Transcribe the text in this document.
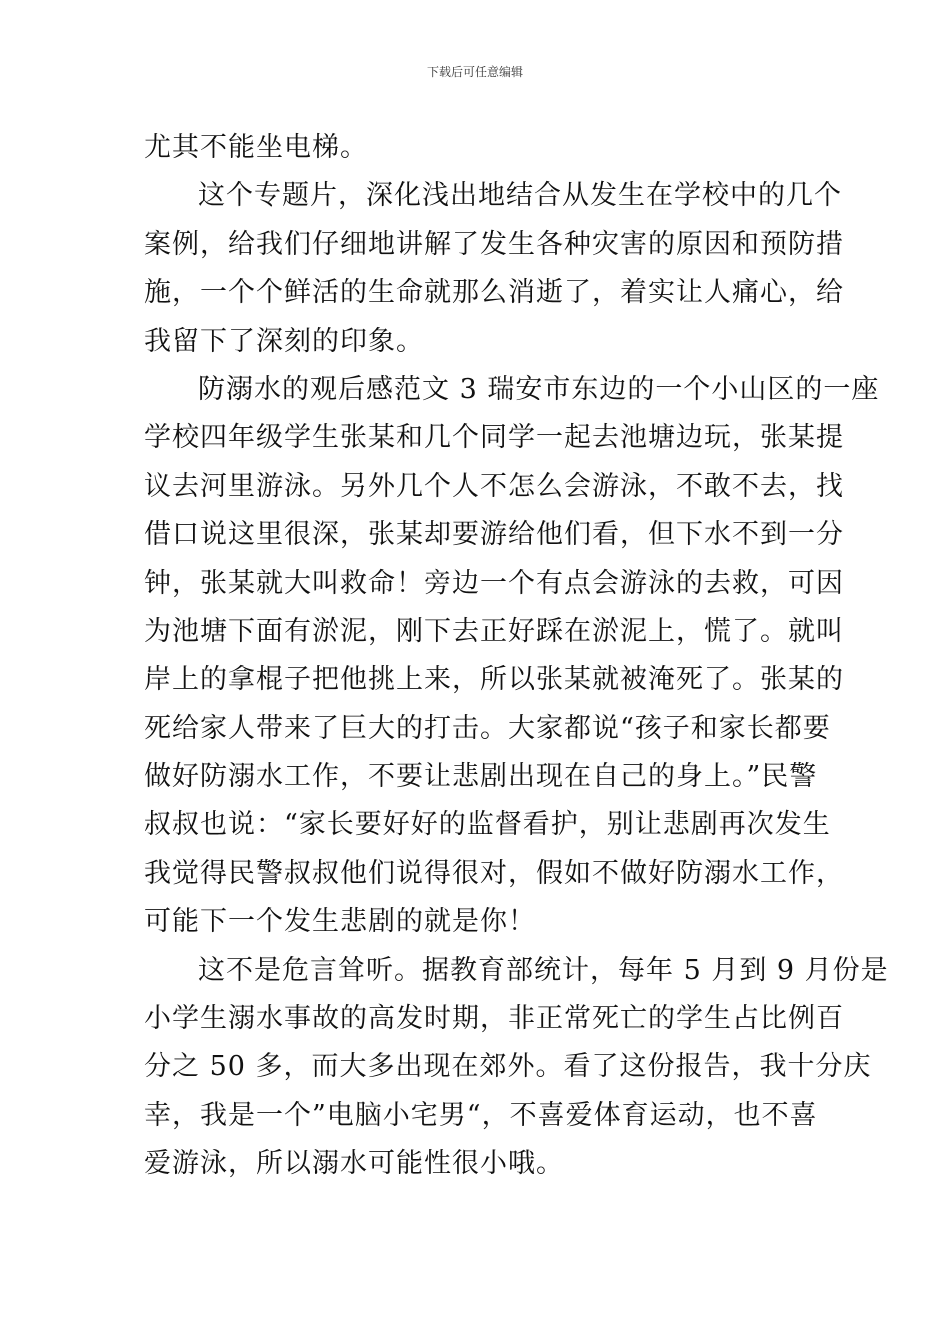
下载后可任意编辑
尤其不能坐电梯。
这个专题片，深化浅出地结合从发生在学校中的几个
案例，给我们仔细地讲解了发生各种灾害的原因和预防措
施，一个个鲜活的生命就那么消逝了，着实让人痛心，给
我留下了深刻的印象。
防溺水的观后感范文 3 瑞安市东边的一个小山区的一座
学校四年级学生张某和几个同学一起去池塘边玩，张某提
议去河里游泳。另外几个人不怎么会游泳，不敢不去，找
借口说这里很深，张某却要游给他们看，但下水不到一分
钟，张某就大叫救命！旁边一个有点会游泳的去救，可因
为池塘下面有淤泥，刚下去正好踩在淤泥上，慌了。就叫
岸上的拿棍子把他挑上来，所以张某就被淹死了。张某的
死给家人带来了巨大的打击。大家都说“孩子和家长都要
做好防溺水工作，不要让悲剧出现在自己的身上。”民警
叔叔也说：“家长要好好的监督看护，别让悲剧再次发生
我觉得民警叔叔他们说得很对，假如不做好防溺水工作，
可能下一个发生悲剧的就是你！
这不是危言耸听。据教育部统计，每年 5 月到 9 月份是
小学生溺水事故的高发时期，非正常死亡的学生占比例百
分之 50 多，而大多出现在郊外。看了这份报告，我十分庆
幸，我是一个”电脑小宅男“，不喜爱体育运动，也不喜
爱游泳，所以溺水可能性很小哦。
